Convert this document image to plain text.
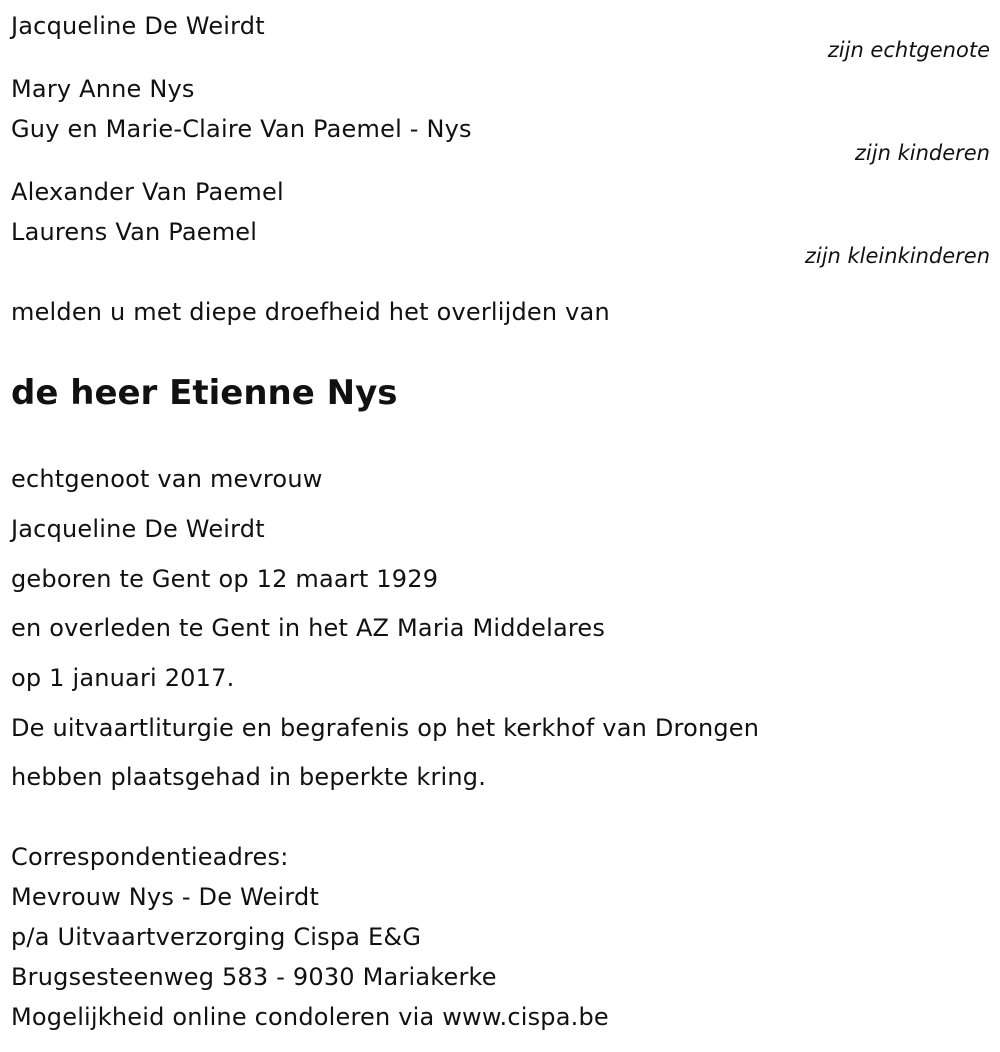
Jacqueline De Weirdt
zijn echtgenote
Mary Anne Nys
Guy en Marie-Claire Van Paemel - Nys
zijn kinderen
Alexander Van Paemel
Laurens Van Paemel
zijn kleinkinderen
melden u met diepe droefheid het overlijden van
de heer Etienne Nys
echtgenoot van mevrouw
Jacqueline De Weirdt
geboren te Gent op 12 maart 1929
en overleden te Gent in het AZ Maria Middelares
op 1 januari 2017.
De uitvaartliturgie en begrafenis op het kerkhof van Drongen
hebben plaatsgehad in beperkte kring.
Correspondentieadres:
Mevrouw Nys - De Weirdt
p/a Uitvaartverzorging Cispa E&G
Brugsesteenweg 583 - 9030 Mariakerke
Mogelijkheid online condoleren via www.cispa.be
